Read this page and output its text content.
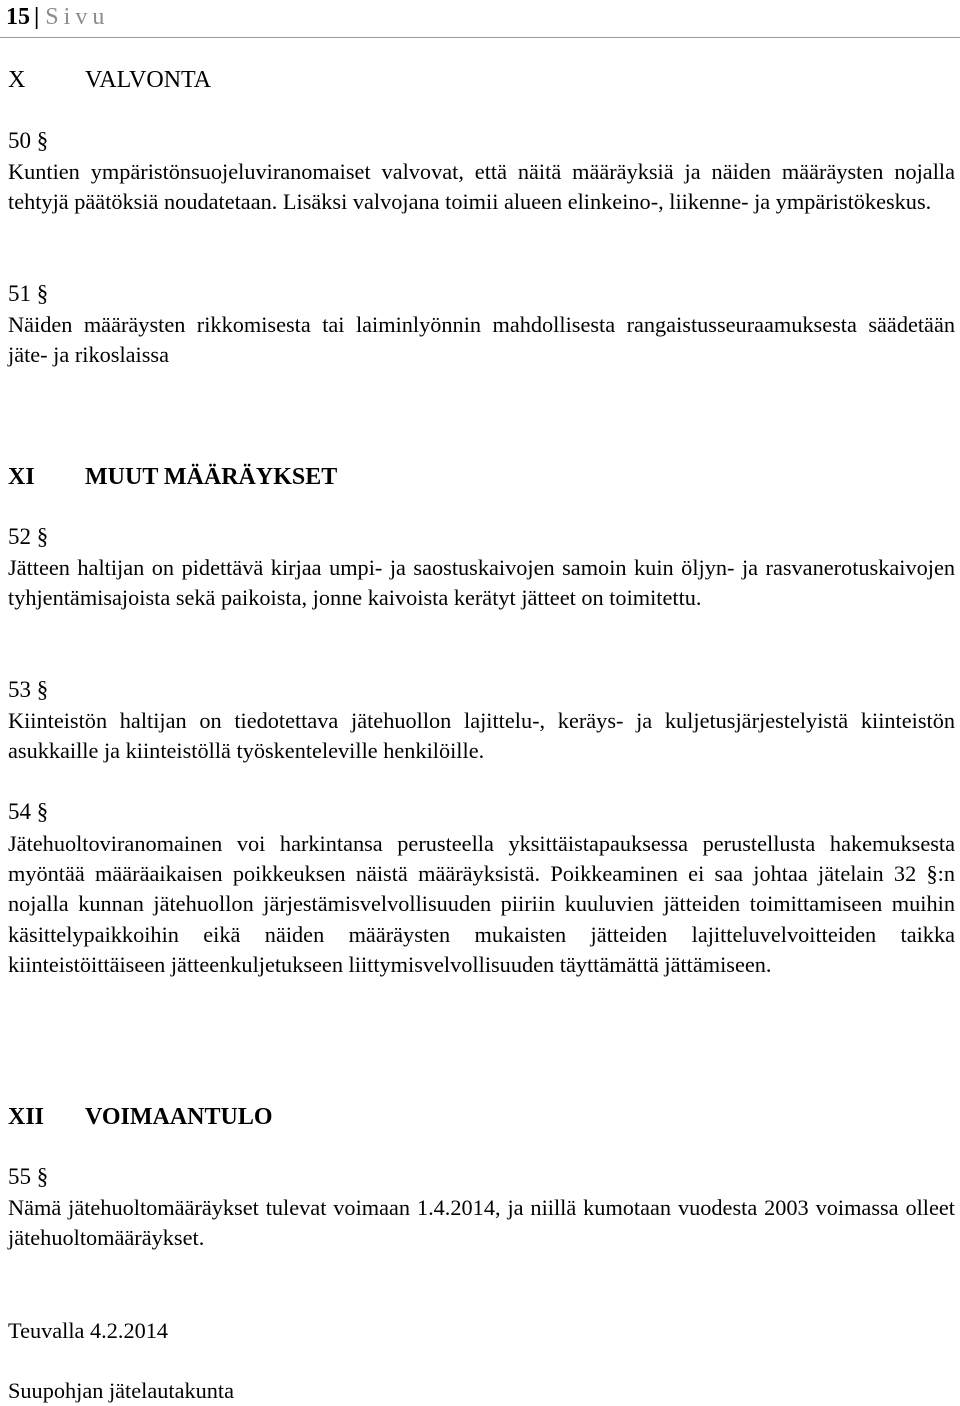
15 | Sivu
X VALVONTA
50 §
Kuntien ympäristönsuojeluviranomaiset valvovat, että näitä määräyksiä ja näiden määräysten nojalla tehtyjä päätöksiä noudatetaan. Lisäksi valvojana toimii alueen elinkeino-, liikenne- ja ympäristökeskus.
51 §
Näiden määräysten rikkomisesta tai laiminlyönnin mahdollisesta rangaistusseuraamuksesta säädetään jäte- ja rikoslaissa
XI MUUT MÄÄRÄYKSET
52 §
Jätteen haltijan on pidettävä kirjaa umpi- ja saostuskaivojen samoin kuin öljyn- ja rasvanerotuskaivojen tyhjentämisajoista sekä paikoista, jonne kaivoista kerätyt jätteet on toimitettu.
53 §
Kiinteistön haltijan on tiedotettava jätehuollon lajittelu-, keräys- ja kuljetusjärjestelyistä kiinteistön asukkaille ja kiinteistöllä työskenteleville henkilöille.
54 §
Jätehuoltoviranomainen voi harkintansa perusteella yksittäistapauksessa perustellusta hakemuksesta myöntää määräaikaisen poikkeuksen näistä määräyksistä. Poikkeaminen ei saa johtaa jätelain 32 §:n nojalla kunnan jätehuollon järjestämisvelvollisuuden piiriin kuuluvien jätteiden toimittamiseen muihin käsittelypaikkoihin eikä näiden määräysten mukaisten jätteiden lajitteluvelvoitteiden taikka kiinteistöittäiseen jätteenkuljetukseen liittymisvelvollisuuden täyttämättä jättämiseen.
XII VOIMAANTULO
55 §
Nämä jätehuoltomääräykset tulevat voimaan 1.4.2014, ja niillä kumotaan vuodesta 2003 voimassa olleet jätehuoltomääräykset.
Teuvalla 4.2.2014
Suupohjan jätelautakunta
